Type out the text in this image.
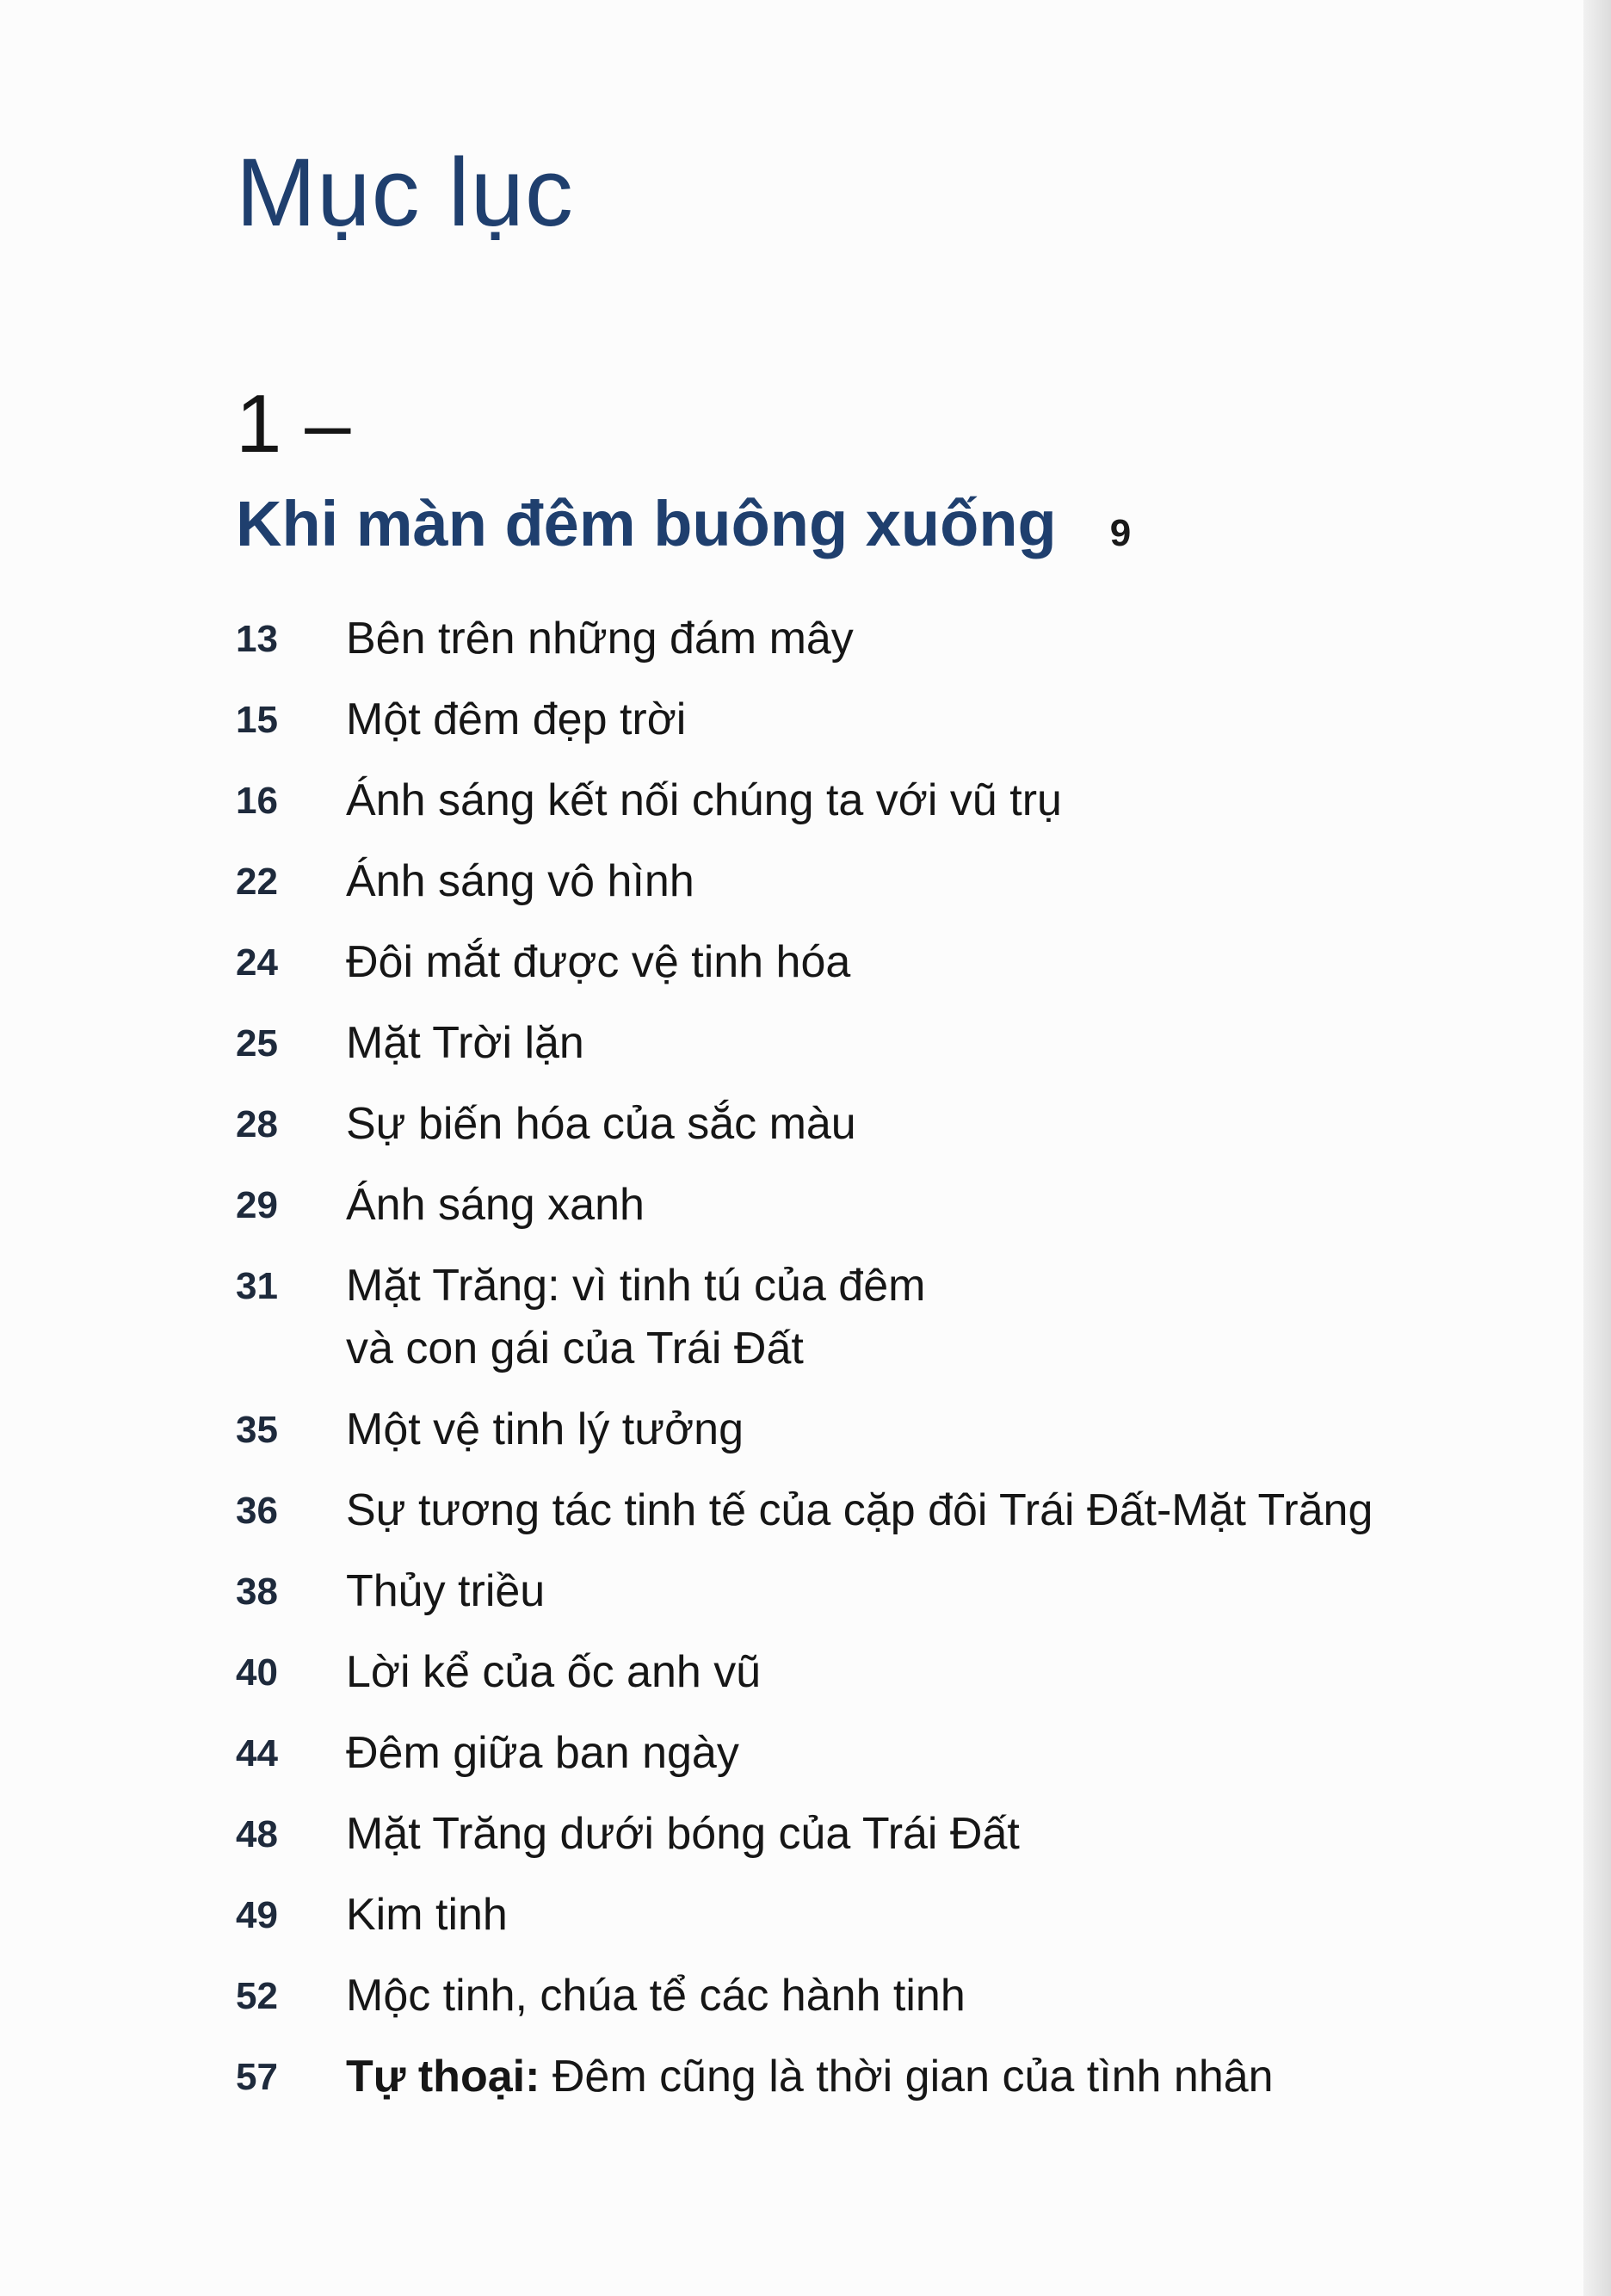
Mục lục
1 –
Khi màn đêm buông xuống 9
13	Bên trên những đám mây
15	Một đêm đẹp trời
16	Ánh sáng kết nối chúng ta với vũ trụ
22	Ánh sáng vô hình
24	Đôi mắt được vệ tinh hóa
25	Mặt Trời lặn
28	Sự biến hóa của sắc màu
29	Ánh sáng xanh
31	Mặt Trăng: vì tinh tú của đêm
và con gái của Trái Đất
35	Một vệ tinh lý tưởng
36	Sự tương tác tinh tế của cặp đôi Trái Đất-Mặt Trăng
38	Thủy triều
40	Lời kể của ốc anh vũ
44	Đêm giữa ban ngày
48	Mặt Trăng dưới bóng của Trái Đất
49	Kim tinh
52	Mộc tinh, chúa tể các hành tinh
57	Tự thoại: Đêm cũng là thời gian của tình nhân
